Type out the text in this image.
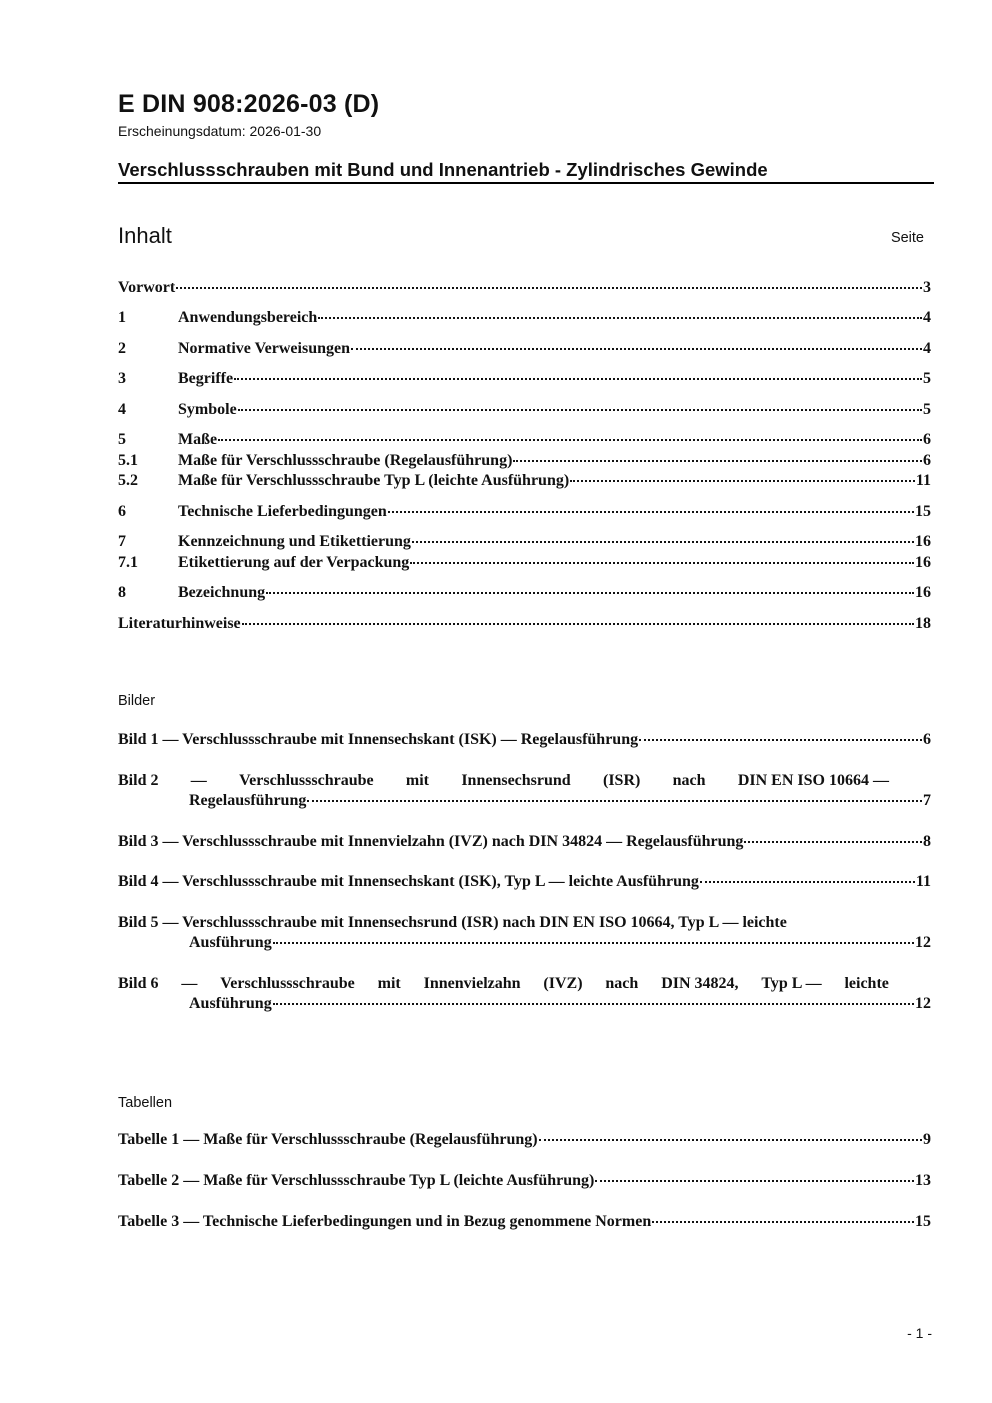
E DIN 908:2026-03 (D)
Erscheinungsdatum: 2026-01-30
Verschlussschrauben mit Bund und Innenantrieb - Zylindrisches Gewinde
Inhalt	Seite
Vorwort	3
1	Anwendungsbereich	4
2	Normative Verweisungen	4
3	Begriffe	5
4	Symbole	5
5	Maße	6
5.1	Maße für Verschlussschraube (Regelausführung)	6
5.2	Maße für Verschlussschraube Typ L (leichte Ausführung)	11
6	Technische Lieferbedingungen	15
7	Kennzeichnung und Etikettierung	16
7.1	Etikettierung auf der Verpackung	16
8	Bezeichnung	16
Literaturhinweise	18
Bilder
Bild 1 — Verschlussschraube mit Innensechskant (ISK) — Regelausführung	6
Bild 2 — Verschlussschraube mit Innensechsrund (ISR) nach DIN EN ISO 10664 —
Regelausführung	7
Bild 3 — Verschlussschraube mit Innenvielzahn (IVZ) nach DIN 34824 — Regelausführung	8
Bild 4 — Verschlussschraube mit Innensechskant (ISK), Typ L — leichte Ausführung	11
Bild 5 — Verschlussschraube mit Innensechsrund (ISR) nach DIN EN ISO 10664, Typ L — leichte
Ausführung	12
Bild 6 — Verschlussschraube mit Innenvielzahn (IVZ) nach DIN 34824, Typ L — leichte
Ausführung	12
Tabellen
Tabelle 1 — Maße für Verschlussschraube (Regelausführung)	9
Tabelle 2 — Maße für Verschlussschraube Typ L (leichte Ausführung)	13
Tabelle 3 — Technische Lieferbedingungen und in Bezug genommene Normen	15
- 1 -
